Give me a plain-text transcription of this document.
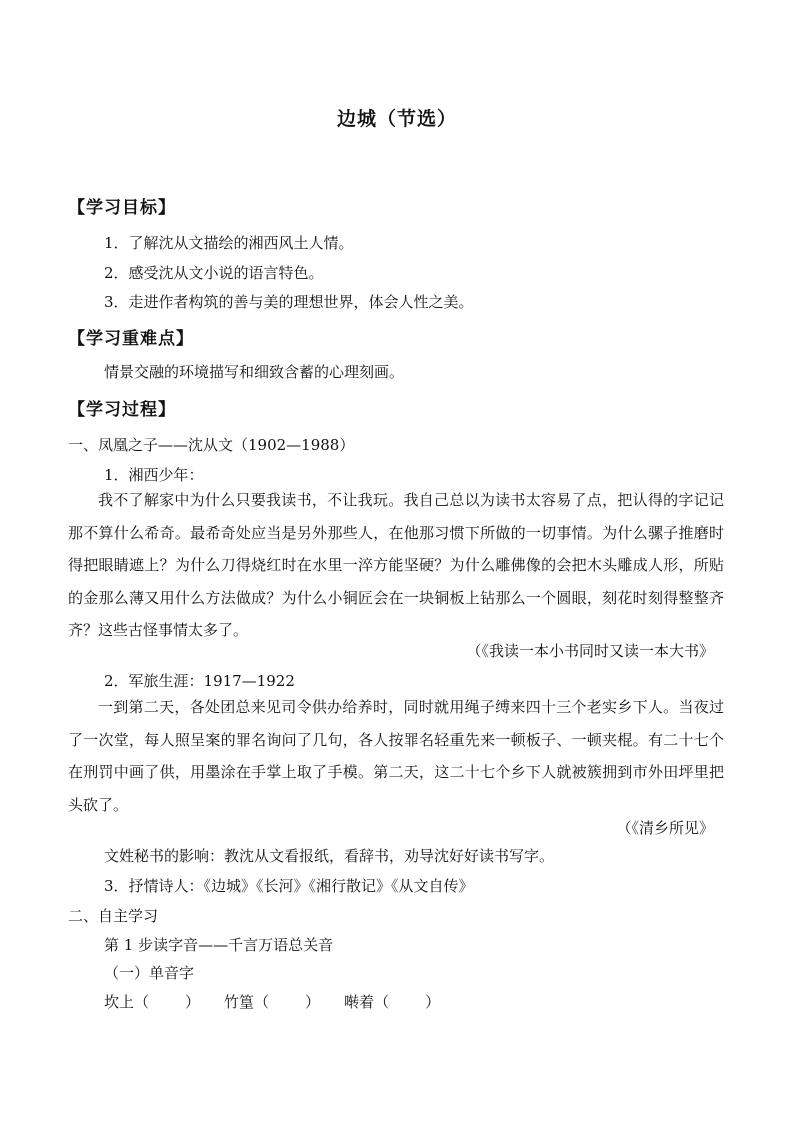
边城（节选）
【学习目标】
1．了解沈从文描绘的湘西风土人情。
2．感受沈从文小说的语言特色。
3．走进作者构筑的善与美的理想世界，体会人性之美。
【学习重难点】
情景交融的环境描写和细致含蓄的心理刻画。
【学习过程】
一、凤凰之子——沈从文（1902—1988）
1．湘西少年：

我不了解家中为什么只要我读书，不让我玩。我自己总以为读书太容易了点，把认得的字记记那不算什么希奇。最希奇处应当是另外那些人，在他那习惯下所做的一切事情。为什么骡子推磨时得把眼睛遮上？为什么刀得烧红时在水里一淬方能坚硬？为什么雕佛像的会把木头雕成人形，所贴的金那么薄又用什么方法做成？为什么小铜匠会在一块铜板上钻那么一个圆眼，刻花时刻得整整齐齐？这些古怪事情太多了。

（《我读一本小书同时又读一本大书》
2．军旅生涯：1917—1922

一到第二天，各处团总来见司令供办给养时，同时就用绳子缚来四十三个老实乡下人。当夜过了一次堂，每人照呈案的罪名询问了几句，各人按罪名轻重先来一顿板子、一顿夹棍。有二十七个在刑罚中画了供，用墨涂在手掌上取了手模。第二天，这二十七个乡下人就被簇拥到市外田坪里把头砍了。

（《清乡所见》
文姓秘书的影响：教沈从文看报纸，看辞书，劝导沈好好读书写字。
3．抒情诗人：《边城》《长河》《湘行散记》《从文自传》
二、自主学习
第 1 步读字音——千言万语总关音
（一）单音字
坎上（ ） 竹篁（ ） 啭着（ ）
